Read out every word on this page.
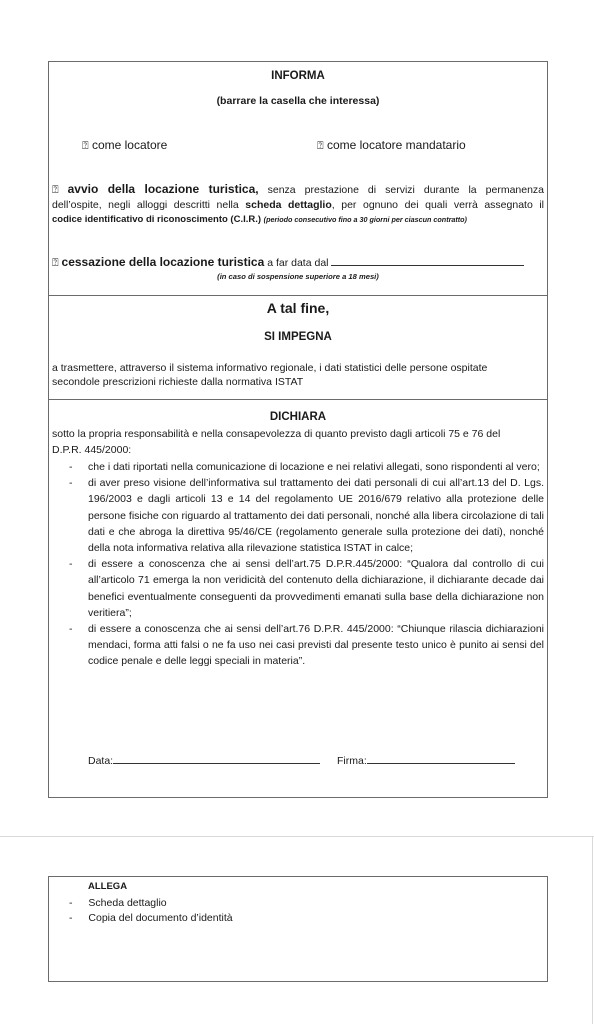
INFORMA
(barrare la casella che interessa)
⍰ come locatore	⍰ come locatore mandatario
⍰ avvio della locazione turistica, senza prestazione di servizi durante la permanenza
dell’ospite, negli alloggi descritti nella scheda dettaglio, per ognuno dei quali verrà assegnato il
codice identificativo di riconoscimento (C.I.R.) (periodo consecutivo fino a 30 giorni per ciascun contratto)
⍰ cessazione della locazione turistica a far data dal
(in caso di sospensione superiore a 18 mesi)
A tal fine,
SI IMPEGNA
a trasmettere, attraverso il sistema informativo regionale, i dati statistici delle persone ospitate
secondole prescrizioni richieste dalla normativa ISTAT
DICHIARA
sotto la propria responsabilità e nella consapevolezza di quanto previsto dagli articoli 75 e 76 del
D.P.R. 445/2000:
- che i dati riportati nella comunicazione di locazione e nei relativi allegati, sono rispondenti al vero;
- di aver preso visione dell’informativa sul trattamento dei dati personali di cui all’art.13 del D. Lgs. 196/2003 e dagli articoli 13 e 14 del regolamento UE 2016/679 relativo alla protezione delle persone fisiche con riguardo al trattamento dei dati personali, nonché alla libera circolazione di tali dati e che abroga la direttiva 95/46/CE (regolamento generale sulla protezione dei dati), nonché della nota informativa relativa alla rilevazione statistica ISTAT in calce;
- di essere a conoscenza che ai sensi dell’art.75 D.P.R.445/2000: “Qualora dal controllo di cui all’articolo 71 emerga la non veridicità del contenuto della dichiarazione, il dichiarante decade dai benefici eventualmente conseguenti da provvedimenti emanati sulla base della dichiarazione non veritiera”;
- di essere a conoscenza che ai sensi dell’art.76 D.P.R. 445/2000: “Chiunque rilascia dichiarazioni mendaci, forma atti falsi o ne fa uso nei casi previsti dal presente testo unico è punito ai sensi del codice penale e delle leggi speciali in materia”.
Data:	Firma:
ALLEGA
- Scheda dettaglio
- Copia del documento d’identità
